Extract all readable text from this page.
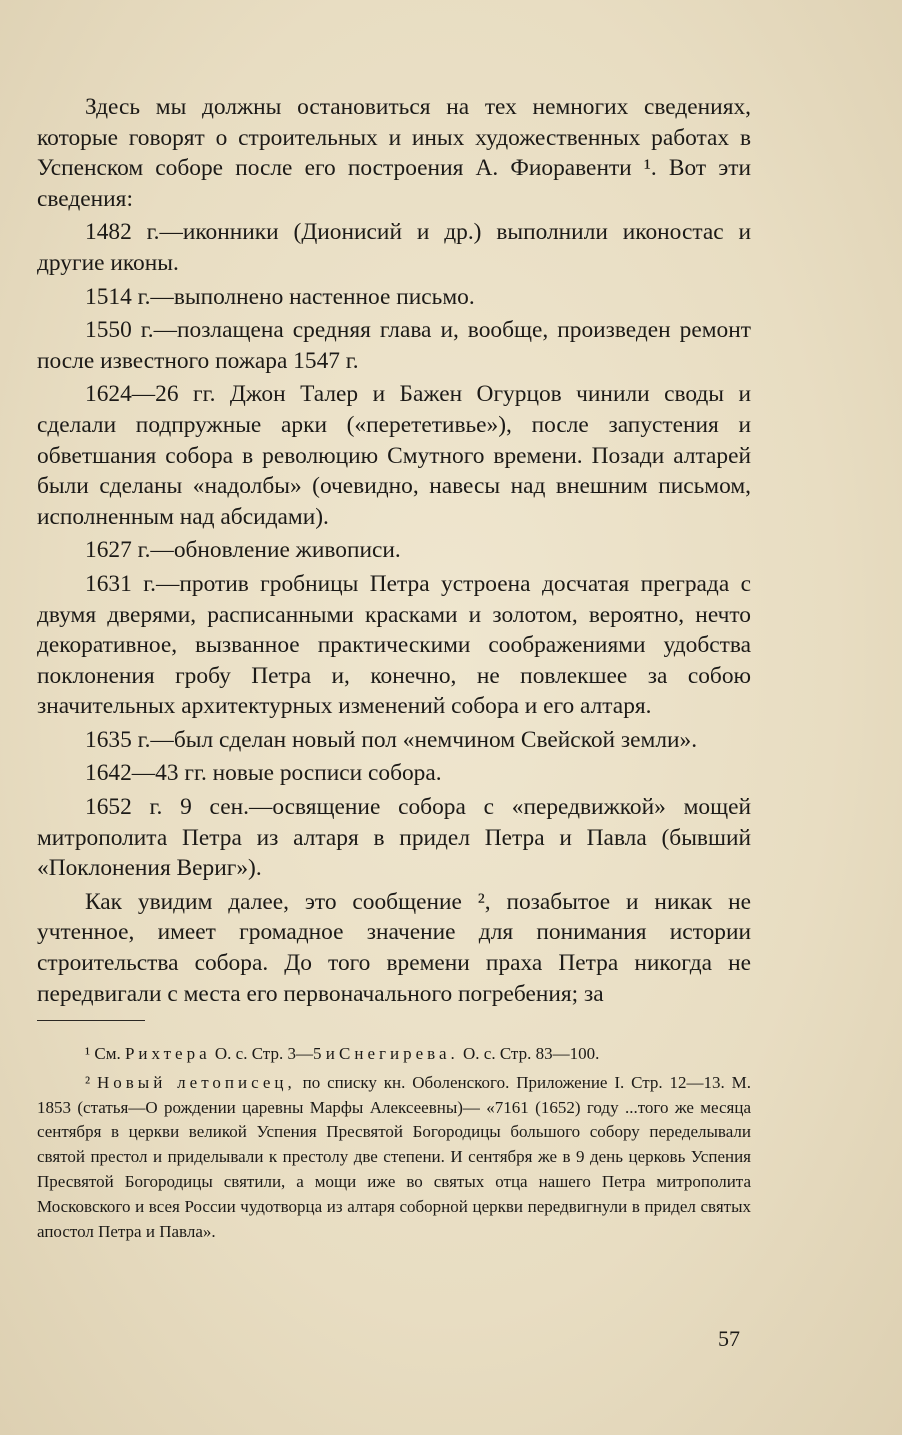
Здесь мы должны остановиться на тех немногих сведениях, которые говорят о строительных и иных художественных работах в Успенском соборе после его построения А. Фиоравенти ¹. Вот эти сведения:

1482 г.—иконники (Дионисий и др.) выполнили иконостас и другие иконы.

1514 г.—выполнено настенное письмо.

1550 г.—позлащена средняя глава и, вообще, произведен ремонт после известного пожара 1547 г.

1624—26 гг. Джон Талер и Бажен Огурцов чинили своды и сделали подпружные арки («перететивье»), после запустения и обветшания собора в революцию Смутного времени. Позади алтарей были сделаны «надолбы» (очевидно, навесы над внешним письмом, исполненным над абсидами).

1627 г.—обновление живописи.

1631 г.—против гробницы Петра устроена досчатая преграда с двумя дверями, расписанными красками и золотом, вероятно, нечто декоративное, вызванное практическими соображениями удобства поклонения гробу Петра и, конечно, не повлекшее за собою значительных архитектурных изменений собора и его алтаря.

1635 г.—был сделан новый пол «немчином Свейской земли».

1642—43 гг. новые росписи собора.

1652 г. 9 сен.—освящение собора с «передвижкой» мощей митрополита Петра из алтаря в придел Петра и Павла (бывший «Поклонения Вериг»).

Как увидим далее, это сообщение ², позабытое и никак не учтенное, имеет громадное значение для понимания истории строительства собора. До того времени праха Петра никогда не передвигали с места его первоначального погребения; за

¹ См. Рихтера О. с. Стр. 3—5 и Снегирева. О. с. Стр. 83—100.

² Новый летописец, по списку кн. Оболенского. Приложение I. Стр. 12—13. М. 1853 (статья—О рождении царевны Марфы Алексеевны)— «7161 (1652) году ...того же месяца сентября в церкви великой Успения Пресвятой Богородицы большого собору переделывали святой престол и приделывали к престолу две степени. И сентября же в 9 день церковь Успения Пресвятой Богородицы святили, а мощи иже во святых отца нашего Петра митрополита Московского и всея России чудотворца из алтаря соборной церкви передвигнули в придел святых апостол Петра и Павла».

57
